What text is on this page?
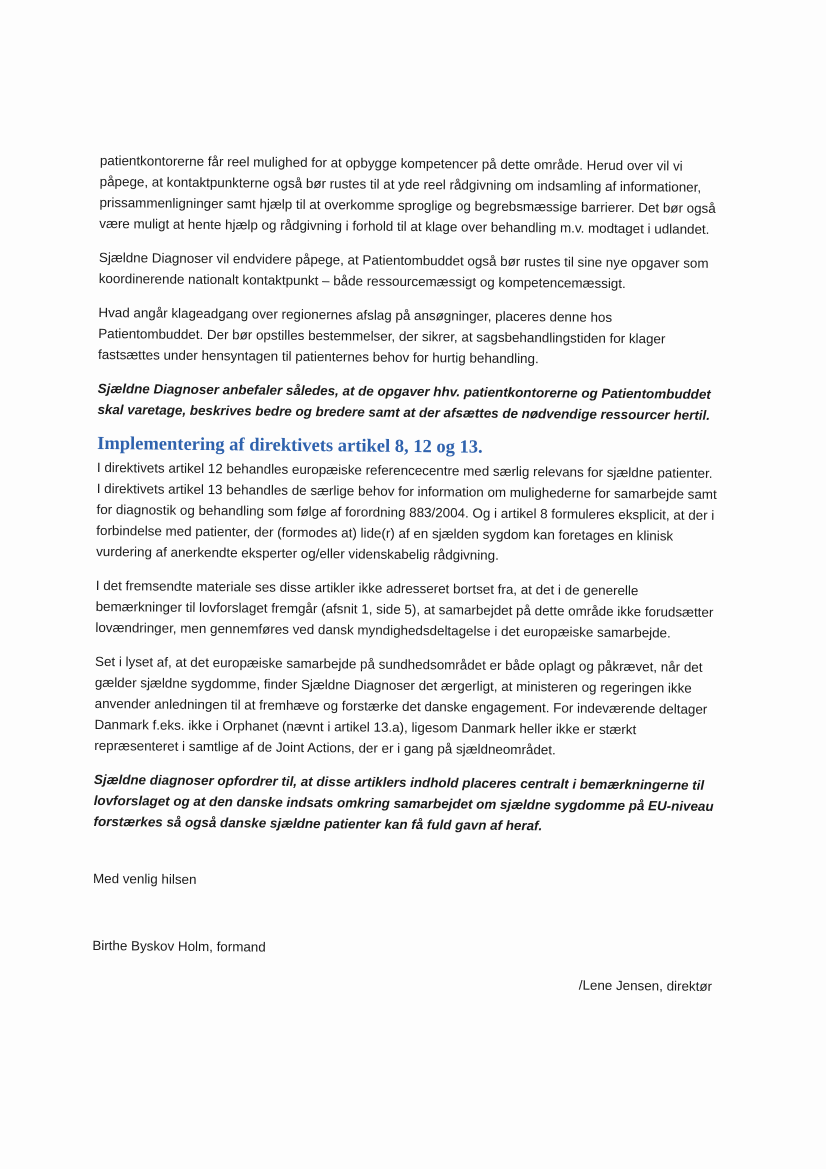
patientkontorerne får reel mulighed for at opbygge kompetencer på dette område. Herud over vil vi påpege, at kontaktpunkterne også bør rustes til at yde reel rådgivning om indsamling af informationer, prissammenligninger samt hjælp til at overkomme sproglige og begrebsmæssige barrierer. Det bør også være muligt at hente hjælp og rådgivning i forhold til at klage over behandling m.v. modtaget i udlandet.

Sjældne Diagnoser vil endvidere påpege, at Patientombuddet også bør rustes til sine nye opgaver som koordinerende nationalt kontaktpunkt – både ressourcemæssigt og kompetencemæssigt.

Hvad angår klageadgang over regionernes afslag på ansøgninger, placeres denne hos Patientombuddet. Der bør opstilles bestemmelser, der sikrer, at sagsbehandlingstiden for klager fastsættes under hensyntagen til patienternes behov for hurtig behandling.

Sjældne Diagnoser anbefaler således, at de opgaver hhv. patientkontorerne og Patientombuddet skal varetage, beskrives bedre og bredere samt at der afsættes de nødvendige ressourcer hertil.

Implementering af direktivets artikel 8, 12 og 13.

I direktivets artikel 12 behandles europæiske referencecentre med særlig relevans for sjældne patienter. I direktivets artikel 13 behandles de særlige behov for information om mulighederne for samarbejde samt for diagnostik og behandling som følge af forordning 883/2004. Og i artikel 8 formuleres eksplicit, at der i forbindelse med patienter, der (formodes at) lide(r) af en sjælden sygdom kan foretages en klinisk vurdering af anerkendte eksperter og/eller videnskabelig rådgivning.

I det fremsendte materiale ses disse artikler ikke adresseret bortset fra, at det i de generelle bemærkninger til lovforslaget fremgår (afsnit 1, side 5), at samarbejdet på dette område ikke forudsætter lovændringer, men gennemføres ved dansk myndighedsdeltagelse i det europæiske samarbejde.

Set i lyset af, at det europæiske samarbejde på sundhedsområdet er både oplagt og påkrævet, når det gælder sjældne sygdomme, finder Sjældne Diagnoser det ærgerligt, at ministeren og regeringen ikke anvender anledningen til at fremhæve og forstærke det danske engagement. For indeværende deltager Danmark f.eks. ikke i Orphanet (nævnt i artikel 13.a), ligesom Danmark heller ikke er stærkt repræsenteret i samtlige af de Joint Actions, der er i gang på sjældneområdet.

Sjældne diagnoser opfordrer til, at disse artiklers indhold placeres centralt i bemærkningerne til lovforslaget og at den danske indsats omkring samarbejdet om sjældne sygdomme på EU-niveau forstærkes så også danske sjældne patienter kan få fuld gavn af heraf.

Med venlig hilsen

Birthe Byskov Holm, formand

/Lene Jensen, direktør
